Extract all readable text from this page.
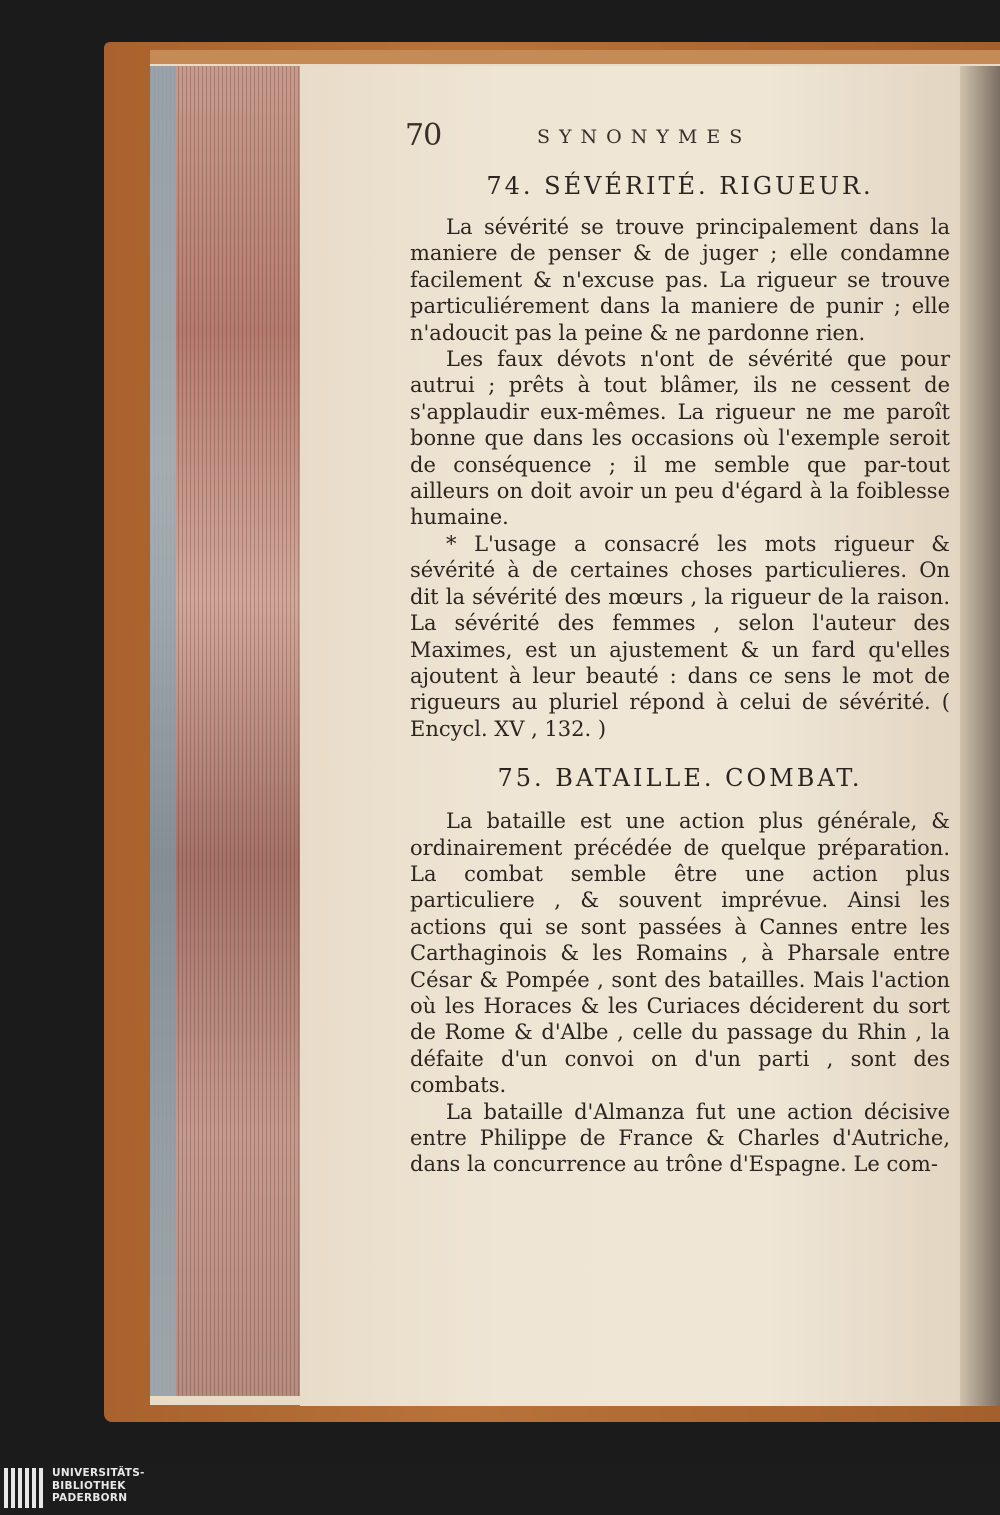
70	SYNONYMES
74. SÉVÉRITÉ. RIGUEUR.

La sévérité se trouve principalement dans la maniere de penser & de juger ; elle condamne facilement & n'excuse pas. La rigueur se trouve particuliérement dans la maniere de punir ; elle n'adoucit pas la peine & ne pardonne rien.

Les faux dévots n'ont de sévérité que pour autrui ; prêts à tout blâmer, ils ne cessent de s'applaudir eux-mêmes. La rigueur ne me paroît bonne que dans les occasions où l'exemple seroit de conséquence ; il me semble que par-tout ailleurs on doit avoir un peu d'égard à la foiblesse humaine.

* L'usage a consacré les mots rigueur & sévérité à de certaines choses particulieres. On dit la sévérité des mœurs , la rigueur de la raison. La sévérité des femmes , selon l'auteur des Maximes, est un ajustement & un fard qu'elles ajoutent à leur beauté : dans ce sens le mot de rigueurs au pluriel répond à celui de sévérité. ( Encycl. XV , 132. )

75. BATAILLE. COMBAT.

La bataille est une action plus générale, & ordinairement précédée de quelque préparation. La combat semble être une action plus particuliere , & souvent imprévue. Ainsi les actions qui se sont passées à Cannes entre les Carthaginois & les Romains , à Pharsale entre César & Pompée , sont des batailles. Mais l'action où les Horaces & les Curiaces déciderent du sort de Rome & d'Albe , celle du passage du Rhin , la défaite d'un convoi on d'un parti , sont des combats.

La bataille d'Almanza fut une action décisive entre Philippe de France & Charles d'Autriche, dans la concurrence au trône d'Espagne. Le com-

UNIVERSITÄTS-
BIBLIOTHEK
PADERBORN
